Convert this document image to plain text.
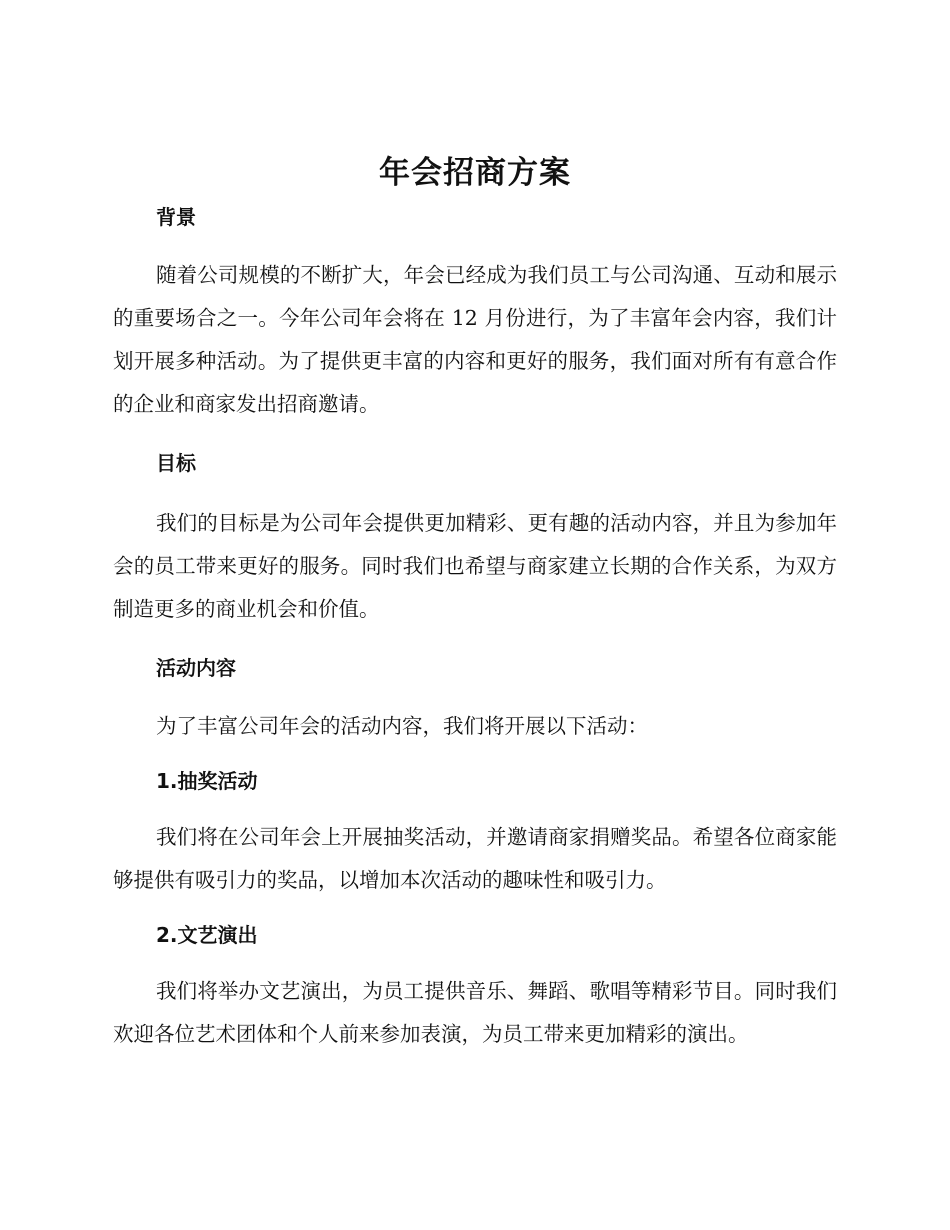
年会招商方案
背景

随着公司规模的不断扩大，年会已经成为我们员工与公司沟通、互动和展示的重要场合之一。今年公司年会将在 12 月份进行，为了丰富年会内容，我们计划开展多种活动。为了提供更丰富的内容和更好的服务，我们面对所有有意合作的企业和商家发出招商邀请。

目标

我们的目标是为公司年会提供更加精彩、更有趣的活动内容，并且为参加年会的员工带来更好的服务。同时我们也希望与商家建立长期的合作关系，为双方制造更多的商业机会和价值。

活动内容

为了丰富公司年会的活动内容，我们将开展以下活动：

1.抽奖活动

我们将在公司年会上开展抽奖活动，并邀请商家捐赠奖品。希望各位商家能够提供有吸引力的奖品，以增加本次活动的趣味性和吸引力。

2.文艺演出

我们将举办文艺演出，为员工提供音乐、舞蹈、歌唱等精彩节目。同时我们欢迎各位艺术团体和个人前来参加表演，为员工带来更加精彩的演出。
